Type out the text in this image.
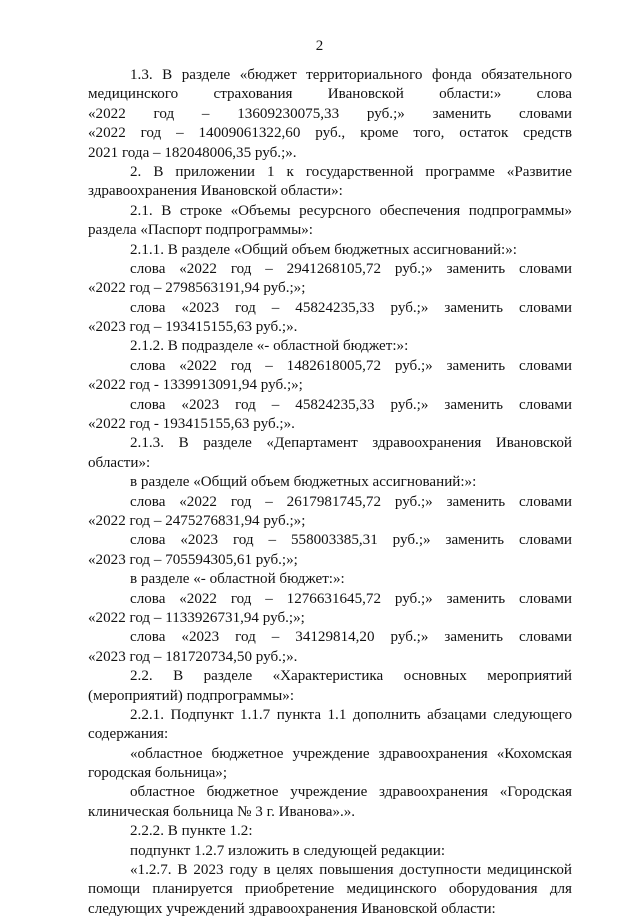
2
1.3. В разделе «бюджет территориального фонда обязательного
медицинского страхования Ивановской области:» слова
«2022 год – 13609230075,33 руб.;» заменить словами
«2022 год – 14009061322,60 руб., кроме того, остаток средств
2021 года – 182048006,35 руб.;».
2. В приложении 1 к государственной программе «Развитие
здравоохранения Ивановской области»:
2.1. В строке «Объемы ресурсного обеспечения подпрограммы»
раздела «Паспорт подпрограммы»:
2.1.1. В разделе «Общий объем бюджетных ассигнований:»:
слова «2022 год – 2941268105,72 руб.;» заменить словами
«2022 год – 2798563191,94 руб.;»;
слова «2023 год – 45824235,33 руб.;» заменить словами
«2023 год – 193415155,63 руб.;».
2.1.2. В подразделе «- областной бюджет:»:
слова «2022 год – 1482618005,72 руб.;» заменить словами
«2022 год - 1339913091,94 руб.;»;
слова «2023 год – 45824235,33 руб.;» заменить словами
«2022 год - 193415155,63 руб.;».
2.1.3. В разделе «Департамент здравоохранения Ивановской
области»:
в разделе «Общий объем бюджетных ассигнований:»:
слова «2022 год – 2617981745,72 руб.;» заменить словами
«2022 год – 2475276831,94 руб.;»;
слова «2023 год – 558003385,31 руб.;» заменить словами
«2023 год – 705594305,61 руб.;»;
в разделе «- областной бюджет:»:
слова «2022 год – 1276631645,72 руб.;» заменить словами
«2022 год – 1133926731,94 руб.;»;
слова «2023 год – 34129814,20 руб.;» заменить словами
«2023 год – 181720734,50 руб.;».
2.2. В разделе «Характеристика основных мероприятий
(мероприятий) подпрограммы»:
2.2.1. Подпункт 1.1.7 пункта 1.1 дополнить абзацами следующего
содержания:
«областное бюджетное учреждение здравоохранения «Кохомская
городская больница»;
областное бюджетное учреждение здравоохранения «Городская
клиническая больница № 3 г. Иванова».».
2.2.2. В пункте 1.2:
подпункт 1.2.7 изложить в следующей редакции:
«1.2.7. В 2023 году в целях повышения доступности медицинской
помощи планируется приобретение медицинского оборудования для
следующих учреждений здравоохранения Ивановской области:
